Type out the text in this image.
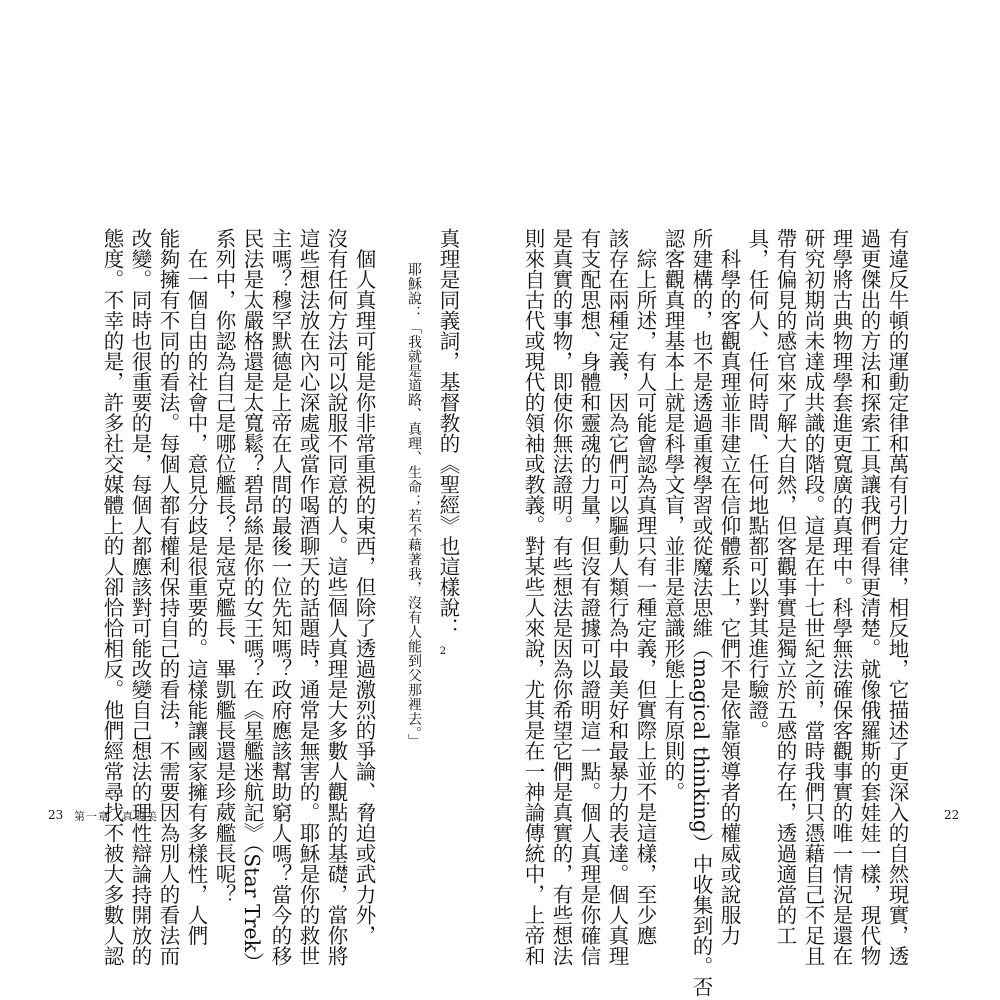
真理是同義詞，基督教的《聖經》也這樣說：$_2$
耶穌說：「我就是道路、真理、生命；若不藉著我，沒有人能到父那裡去。」
　個人真理可能是你非常重視的東西，但除了透過激烈的爭論、脅迫或武力外，
沒有任何方法可以說服不同意的人。這些個人真理是大多數人觀點的基礎，當你將
這些想法放在內心深處或當作喝酒聊天的話題時，通常是無害的。耶穌是你的救世
主嗎？穆罕默德是上帝在人間的最後一位先知嗎？政府應該幫助窮人嗎？當今的移
民法是太嚴格還是太寬鬆？碧昂絲是你的女王嗎？在《星艦迷航記》（Star Trek）
系列中，你認為自己是哪位艦長？是寇克艦長、畢凱艦長還是珍葳艦長呢？
　在一個自由的社會中，意見分歧是很重要的。這樣能讓國家擁有多樣性，人們
能夠擁有不同的看法。每個人都有權利保持自己的看法，不需要因為別人的看法而
改變。同時也很重要的是，每個人都應該對可能改變自己想法的理性辯論持開放的
態度。不幸的是，許多社交媒體上的人卻恰恰相反。他們經常尋找不被大多數人認
23 第一章　真與美	有違反牛頓的運動定律和萬有引力定律，相反地，它描述了更深入的自然現實，透
過更傑出的方法和探索工具讓我們看得更清楚。就像俄羅斯的套娃娃一樣，現代物
理學將古典物理學套進更寬廣的真理中。科學無法確保客觀事實的唯一情況是還在
研究初期尚未達成共識的階段。這是在十七世紀之前，當時我們只憑藉自己不足且
帶有偏見的感官來了解大自然，但客觀事實是獨立於五感的存在，透過適當的工
具，任何人、任何時間、任何地點都可以對其進行驗證。
　科學的客觀真理並非建立在信仰體系上，它們不是依靠領導者的權威或說服力
所建構的，也不是透過重複學習或從魔法思維（magical thinking）中收集到的。否
認客觀真理基本上就是科學文盲，並非是意識形態上有原則的。
　綜上所述，有人可能會認為真理只有一種定義，但實際上並不是這樣，至少應
該存在兩種定義，因為它們可以驅動人類行為中最美好和最暴力的表達。個人真理
有支配思想、身體和靈魂的力量，但沒有證據可以證明這一點。個人真理是你確信
是真實的事物，即使你無法證明。有些想法是因為你希望它們是真實的，有些想法
則來自古代或現代的領袖或教義。對某些人來說，尤其是在一神論傳統中，上帝和	22
